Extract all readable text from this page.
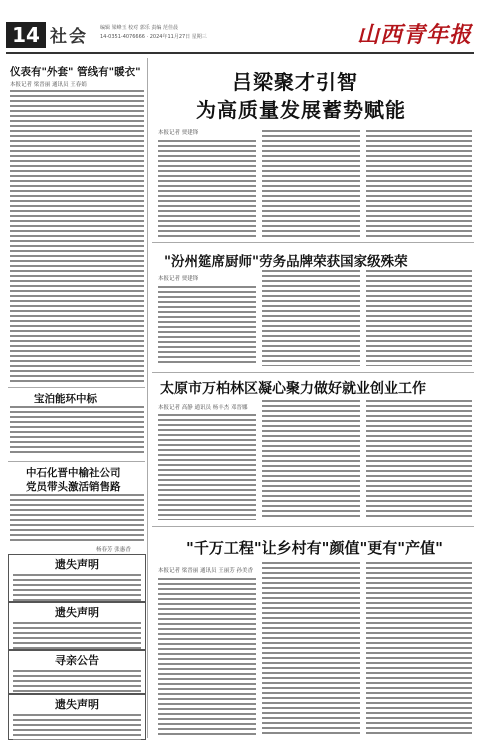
14 社会 编辑 梁峰玉 校对 郭乐 责编 范佳晨
14-0351-4076666 · 2024年11月27日 星期三	山西青年报
仪表有"外套" 管线有"暖衣"
本报记者 梁晋丽 通讯员 王春娟
宝泊能环中标
中石化晋中榆社公司
党员带头激活销售路
杨春芳 张惠香
遗失声明
遗失声明
寻亲公告
遗失声明
吕梁聚才引智
为高质量发展蓄势赋能
本报记者 贾建锋
"汾州筵席厨师"劳务品牌荣获国家级殊荣
本报记者 贾建锋
太原市万柏林区凝心聚力做好就业创业工作
本报记者 高静 通讯员 杨丰杰 邓晋娜
"千万工程"让乡村有"颜值"更有"产值"
本报记者 梁晋丽 通讯员 王丽芳 孙美香
